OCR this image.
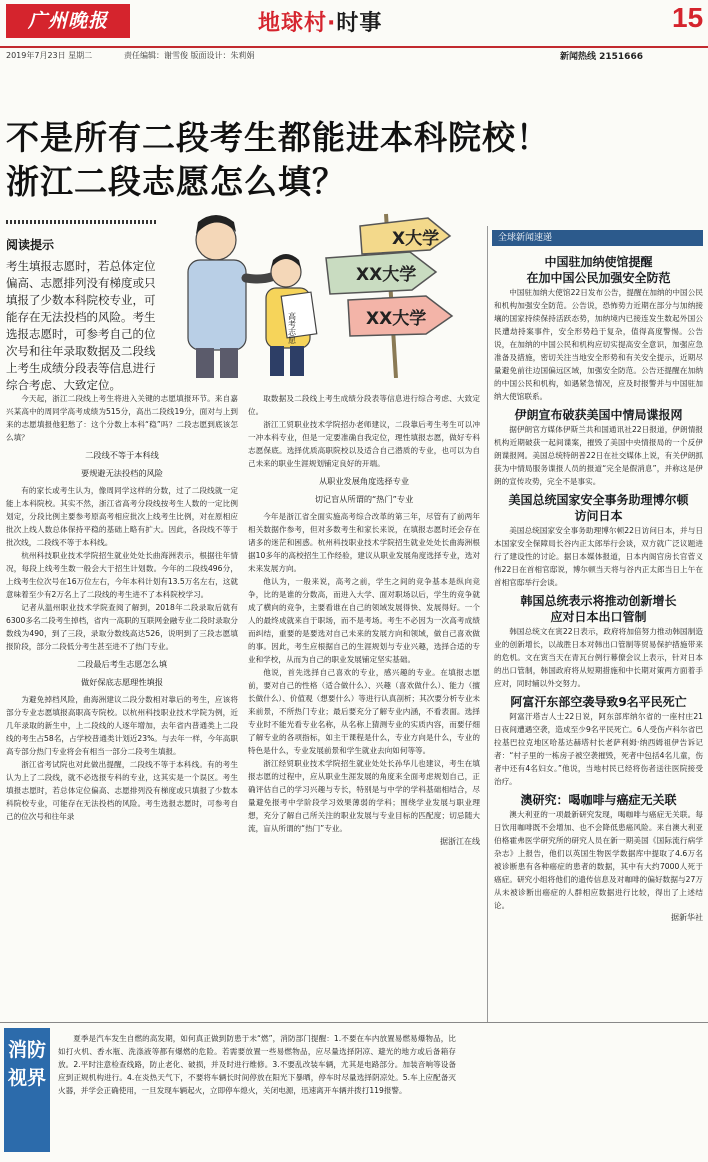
广州晚报	地球村·时事	15
2019年7月23日 星期二	责任编辑：谢雪俊 版面设计：朱莉娟	新闻热线 2151666
不是所有二段考生都能进本科院校！
浙江二段志愿怎么填？
阅读提示
考生填报志愿时，若总体定位偏高、志愿排列没有梯度或只填报了少数本科院校专业，可能存在无法投档的风险。考生选报志愿时，可参考自己的位次号和往年录取数据及二段线上考生成绩分段表等信息进行综合考虑、大致定位。
X大学
XX大学
XX大学
高考志愿

今天起，浙江二段线上考生将进入关键的志愿填报环节。来自嘉兴某高中的周同学高考成绩为515分，高出二段线19分，面对与上到来的志愿填报他犯愁了：这个分数上本科“稳”吗？二段志愿到底该怎么填？

二段线不等于本科线
要规避无法投档的风险

有的家长或考生认为，像周同学这样的分数，过了二段线就一定能上本科院校。其实不然，浙江省高考分段线按考生人数的一定比例划定，分段比例主要参考原高考相应批次上线考生比例，对在原相应批次上线人数总体保持平稳的基础上略有扩大。因此，各段线不等于批次线，二段线不等于本科线。

杭州科技职业技术学院招生就业处处长曲海洲表示，根据往年情况，每段上线考生数一般会大于招生计划数。今年的二段线496分，上线考生位次号在16万位左右，今年本科计划有13.5万名左右，这就意味着至少有2万名上了二段线的考生进不了本科院校学习。

记者从温州职业技术学院查阅了解到，2018年二段录取后就有6300多名二段考生掉档，省内一高职的互联网金融专业二段时录取分数线为490，到了三段，录取分数线高达526，说明到了三段志愿填报阶段，部分二段低分考生甚至进不了热门专业。

二段最后考生志愿怎么填
做好保底志愿理性填报

为避免掉档风险，曲海洲建议二段分数相对靠后的考生，应该将部分专业志愿填报高职高专院校。以杭州科技职业技术学院为例，近几年录取的新生中，上二段线的人逐年增加，去年省内普通类上二段线的考生占58名，占学校普通类计划近23%。与去年一样，今年高职高专部分热门专业将会有相当一部分二段考生填报。

浙江省考试院也对此做出提醒，二段线不等于本科线。有的考生认为上了二段线，就不必选报专科的专业，这其实是一个误区。考生填报志愿时，若总体定位偏高、志愿排列没有梯度或只填报了少数本科院校专业，可能存在无法投档的风险。考生选报志愿时，可参考自己的位次号和往年录

取数据及二段线上考生成绩分段表等信息进行综合考虑、大致定位。

浙江工贸职业技术学院招办老师建议，二段靠后考生考生可以冲一冲本科专业，但是一定要准确自我定位，理性填报志愿，做好专科志愿保底。选择优质高职院校以及适合自己潜质的专业，也可以为自己未来的职业生涯规划铺定良好的开端。

从职业发展角度选择专业
切记盲从所谓的“热门”专业

今年是浙江省全面实施高考综合改革的第三年，尽管有了前两年相关数据作参考，但对多数考生和家长来说，在填报志愿时还会存在诸多的迷茫和困惑。杭州科技职业技术学院招生就业处处长曲海洲根据10多年的高校招生工作经验，建议从职业发展角度选择专业，选对未来发展方向。

他认为，一般来说，高考之前，学生之间的竞争基本是纵向竞争，比的是谁的分数高，而进入大学、面对职场以后，学生的竞争就成了横向的竞争，主要看谁在自己的领域发展得快、发展得好。一个人的最终成就来自于职场，而不是考场。考生不必因为一次高考成绩而纠结，重要的是要选对自己未来的发展方向和领域，做自己喜欢做的事。因此，考生应根据自己的生涯规划与专业兴趣，选择合适的专业和学校，从而为自己的职业发展铺定坚实基础。

他说，首先选择自己喜欢的专业，感兴趣的专业。在填报志愿前，要对自己的性格（适合做什么）、兴趣（喜欢做什么）、能力（擅长做什么）、价值观（想要什么）等进行认真剖析；其次要分析专业未来前景，不所热门专业；最后要充分了解专业内涵，不看表面。选择专业时不能光看专业名称，从名称上猜测专业的实质内容，而要仔细了解专业的各项指标，如主干课程是什么，专业方向是什么，专业的特色是什么，专业发展前景和学生就业去向如何等等。

浙江经贸职业技术学院招生就业处处长孙华儿也建议，考生在填报志愿的过程中，应从职业生涯发展的角度来全面考虑规划自己，正确评估自己的学习兴趣与专长，特别是与中学的学科基础相结合，尽量避免报考中学阶段学习效果薄弱的学科；围绕学业发展与职业理想，充分了解自己所关注的职业发展与专业目标的匹配度；切忌随大流，盲从所谓的“热门”专业。

据浙江在线
全球新闻速递
中国驻加纳使馆提醒
在加中国公民加强安全防范
中国驻加纳大使馆22日发布公告，提醒在加纳的中国公民和机构加强安全防范。公告说，恐怖势力近期在部分与加纳接壤的国家持续保持活跃态势，加纳境内已接连发生数起外国公民遭劫持案事件，安全形势趋于复杂，值得高度警惕。公告说，在加纳的中国公民和机构应切实提高安全意识，加强应急准备及措施，密切关注当地安全形势和有关安全提示，近期尽量避免前往边国偏远区域，加强安全防范。公告还提醒在加纳的中国公民和机构，如遇紧急情况，应及时报警并与中国驻加纳大使馆联系。
伊朗宣布破获美国中情局谍报网
据伊朗官方媒体伊斯兰共和国通讯社22日报道，伊朗情报机构近期破获一起间谍案，摧毁了美国中央情报局的一个反伊朗谍报网。美国总统特朗普22日在社交媒体上说，有关伊朗抓获为中情局服务谍报人员的报道“完全是假消息”，并称这是伊朗的宣传攻势，完全不是事实。
美国总统国家安全事务助理博尔顿
访问日本
美国总统国家安全事务助理博尔顿22日访问日本，并与日本国家安全保障局长谷内正太郎举行会谈，双方就广泛议题进行了建设性的讨论。据日本媒体报道，日本内阁官房长官菅义伟22日在首相官邸说，博尔顿当天将与谷内正太郎当日上午在首相官邸举行会谈。
韩国总统表示将推动创新增长
应对日本出口管制
韩国总统文在寅22日表示，政府将加倍努力推动韩国制造业的创新增长，以战胜日本对韩出口管制等贸易保护措施带来的危机。文在寅当天在青瓦台例行幕僚会议上表示，针对日本的出口管制，韩国政府将从短期措施和中长期对策两方面着手应对，同时辅以外交努力。
阿富汗东部空袭导致9名平民死亡
阿富汗塔吉人士22日说，阿东部库纳尔省的一座村庄21日夜间遭遇空袭，造成至少9名平民死亡。6人受伤卢科尔省巴拉基巴拉克地区哈基达赫塔村长老萨利姆·纳西姆祖伊告诉记者：“村子里的一栋房子被空袭摧毁，死者中包括4名儿童，伤者中还有4名妇女。”他说，当地村民已经将伤者送往医院接受治疗。
澳研究：喝咖啡与癌症无关联
澳大利亚的一项最新研究发现，喝咖啡与癌症无关联。每日饮用咖啡既不会增加、也不会降低患癌风险。来自澳大利亚伯格霍弗医学研究所的研究人员在新一期美国《国际流行病学杂志》上报告，他们以英国生物医学数据库中提取了4.6万名被诊断患有各种癌症的患者的数据，其中有大约7000人死于癌症。研究小组将他们的遗传信息及对咖啡的偏好数据与27万从未被诊断出癌症的人群相应数据进行比较，得出了上述结论。
据新华社
消防
视界
夏季是汽车发生自燃的高发期，如何真正做到防患于未“燃”，消防部门提醒：1.不要在车内放置易燃易爆物品，比如打火机、香水瓶、洗涤液等都有爆燃的危险。若需要放置一些易燃物品，应尽量选择阴凉、避光的地方或后备箱存放。2.平时注意检查线路，防止老化、破损，并及时进行维修。3.不要乱改装车辆，尤其是电路部分。加装音响等设备应到正规机构进行。4.在炎热天气下，不要将车辆长时间停放在阳光下暴晒，停车时尽量选择阴凉处。5.车上应配备灭火器，并学会正确使用，一旦发现车辆起火，立即停车熄火，关闭电源，迅速离开车辆并拨打119报警。
